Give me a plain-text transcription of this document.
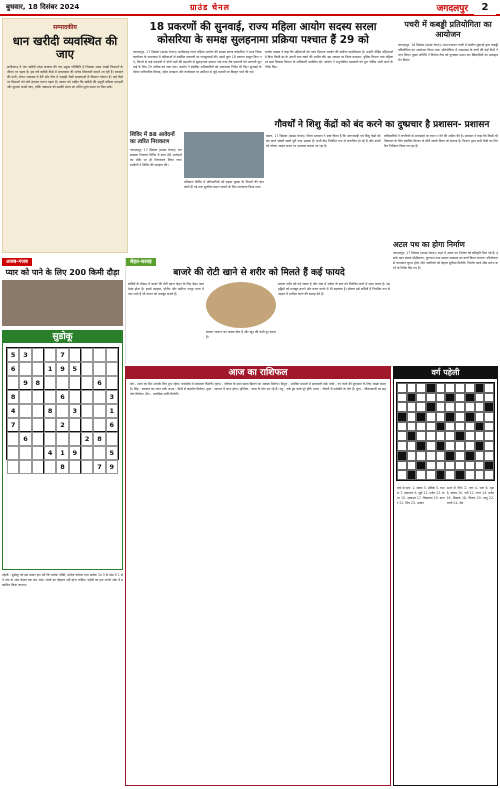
बुधवार, 18 दिसंबर 2024	ग्राउंड चेनल	जगदलपुर	2
सम्पादकीय
धान खरीदी व्यवस्थित की जाए
छत्तीसगढ़ में धान खरीदी प्रदेश सरकार की एक प्रमुख गतिविधि है जिसका असर लाखों किसानों के जीवन पर पड़ता है। इस वर्ष खरीदी केंद्रों में अव्यवस्था की अनेक शिकायतें सामने आ रही हैं। बारदाने की कमी, टोकन व्यवस्था में देरी और तौल में गड़बड़ी जैसी समस्याओं से किसान परेशान हैं। कई केंद्रों पर किसानों को घंटों इंतजार करना पड़ता है। शासन को चाहिए कि खरीदी की समूची प्रक्रिया पारदर्शी और सुचारू बनाई जाए, ताकि अन्नदाता को उसकी उपज का उचित मूल्य समय पर मिल सके।
18 प्रकरणों की सुनवाई, राज्य महिला आयोग सदस्य सरला कोसरिया के समक्ष सुलहनामा प्रक्रिया पश्चात हैं 29 को
जगदलपुर, 17 दिसंबर (ग्राउंड चेनल)। छत्तीसगढ़ राज्य महिला आयोग की सदस्य सरला कोसरिया ने आज जिला कार्यालय के सभाकक्ष में महिलाओं से संबंधित प्रकरणों पर जनसुनवाई की। इसमें कुल 18 प्रकरण प्रस्तुत किए गए, जिनमें से कई प्रकरणों में दोनों पक्षों की सहमति से सुलहनामा कराया गया तथा शेष प्रकरणों को आगामी सुनवाई के लिए 29 तारीख को रखा गया। आयोग ने संबंधित अधिकारियों को आवश्यक निर्देश भी दिए। सुनवाई के दौरान पारिवारिक विवाद, दहेज प्रताड़ना और कार्यस्थल पर उत्पीड़न से जुड़े मामलों पर विस्तृत चर्चा की गई।
आयोग सदस्य ने कहा कि महिलाओं को न्याय दिलाना आयोग की सर्वोच्च प्राथमिकता है। उन्होंने पीड़ित महिलाओं से बिना किसी डर के अपनी बात रखने की अपील की। इस अवसर पर जिला प्रशासन, पुलिस विभाग तथा महिला एवं बाल विकास विभाग के अधिकारी उपस्थित रहे। आयोग ने अनुपस्थित पक्षकारों को पुनः नोटिस जारी करने के निर्देश दिए।
पचरी में कबड्डी प्रतियोगिता का आयोजन
जगदलपुर, 16 दिसंबर (ग्राउंड चेनल)। ग्राम पंचायत पचरी में ग्रामीण युवाओं द्वारा कबड्डी प्रतियोगिता का आयोजन किया गया। प्रतियोगिता में आसपास के गांवों की कई टीमों ने भाग लिया। मुख्य अतिथि ने विजेता टीम को पुरस्कार प्रदान कर खिलाड़ियों का उत्साहवर्धन किया।
गौवर्धों ने शिशु केंद्रों को बंद करने का दुष्प्रचार है प्रशासन- प्रशासन
बस्तर, 17 दिसंबर (ग्राउंड चेनल)। जिला प्रशासन ने स्पष्ट किया है कि आंगनबाड़ी एवं शिशु केंद्रों को बंद करने संबंधी खबरें पूरी तरह भ्रामक हैं। सभी केंद्र नियमित रूप से संचालित हो रहे हैं और बच्चों को पोषण आहार समय पर उपलब्ध कराया जा रहा है।
अधिकारियों ने नागरिकों से अफवाहों पर ध्यान न देने की अपील की है। प्रशासन ने कहा कि किसी भी शिकायत के लिए संबंधित विभाग से सीधे संपर्क किया जा सकता है। विभाग द्वारा सभी केंद्रों का नियमित निरीक्षण किया जा रहा है।
शिविर में 88 आवेदनों का त्वरित निराकरण
जगदलपुर, 17 दिसंबर (ग्राउंड चेनल)। जन समस्या निवारण शिविर में प्राप्त 88 आवेदनों का मौके पर ही निराकरण किया गया। ग्रामीणों ने शिविर की सराहना की।
प्रशिक्षण शिविर में प्रतिभागियों को सड़क सुरक्षा के नियमों की जानकारी दी गई तथा सुरक्षित वाहन चलाने के लिए जागरूक किया गया।
अजब-गजब
प्यार को पाने के लिए 200 किमी दौड़ा
सेहत-सलाह
बाजरे की रोटी खाने से शरीर को मिलते हैं कई फायदे
सर्दियों के मौसम में बाजरे की रोटी खाना सेहत के लिए बेहद फायदेमंद होता है। इसमें फाइबर, प्रोटीन और खनिज भरपूर मात्रा में पाए जाते हैं जो पाचन को मजबूत बनाते हैं।
बाजरा आयरन का अच्छा स्रोत है और खून की कमी दूर करता है।
बाजरा शरीर को गर्म रखता है और रक्त में शर्करा के स्तर को नियंत्रित करने में मदद करता है। यह हड्डियों को मजबूत बनाने और वजन घटाने में भी सहायक है। डॉक्टर इसे सर्दियों में नियमित रूप से आहार में शामिल करने की सलाह देते हैं।
अटल पथ का होगा निर्माण
जगदलपुर, 17 दिसंबर (ग्राउंड चेनल)। शहर में अटल पथ निर्माण को स्वीकृति मिल गई है। इसके तहत सड़क चौड़ीकरण, फुटपाथ तथा प्रकाश व्यवस्था का कार्य किया जाएगा। परियोजना से यातायात सुगम होगा और नागरिकों को बेहतर सुविधा मिलेगी। निर्माण कार्य शीघ्र प्रारंभ करने के निर्देश दिए गए हैं।
सुडोकू
5	3	7
6	1	9	5
9	8	6
8	6	3
4	8	3	1
7	2	6
6	2	8
4	1	9	5
8	7	9
पहेली : सुडोकू को इस प्रकार हल करें कि प्रत्येक पंक्ति, प्रत्येक कॉलम तथा प्रत्येक 3×3 के खंड में 1 से 9 तक के अंक केवल एक बार आएं। अंकों का दोहराव नहीं होना चाहिए। पहेली का हल अगले अंक में प्रकाशित किया जाएगा।
आज का राशिफल
मेष - आज का दिन आपके लिए शुभ रहेगा। कार्यक्षेत्र में सफलता मिलेगी। वृषभ - परिवार के साथ समय बिताने का अवसर मिलेगा। मिथुन - आर्थिक मामलों में सावधानी रखें। कर्क - नए कार्य की शुरुआत के लिए अच्छा समय है। सिंह - स्वास्थ्य का ध्यान रखें। कन्या - मित्रों से सहयोग मिलेगा। तुला - व्यापार में लाभ होगा। वृश्चिक - यात्रा के योग बन रहे हैं। धनु - रुके हुए कार्य पूरे होंगे। मकर - नौकरी में पदोन्नति के योग हैं। कुंभ - जीवनसाथी का सहयोग मिलेगा। मीन - मानसिक शांति मिलेगी।
वर्ग पहेली
बाएं से दाएं: 1. संकट 3. प्रतिष्ठा 5. कमल 7. समाचार 9. सूर्य 11. पर्वत 13. कथा 15. आकाश 17. विद्यालय 19. सागर 21. मित्र 23. उपवन
ऊपर से नीचे: 2. नगर 4. जल 6. वृक्ष 8. कलम 10. नदी 12. गगन 14. दर्पण 16. शिक्षक 18. किरण 20. वायु 22. धरती 24. मेघ
